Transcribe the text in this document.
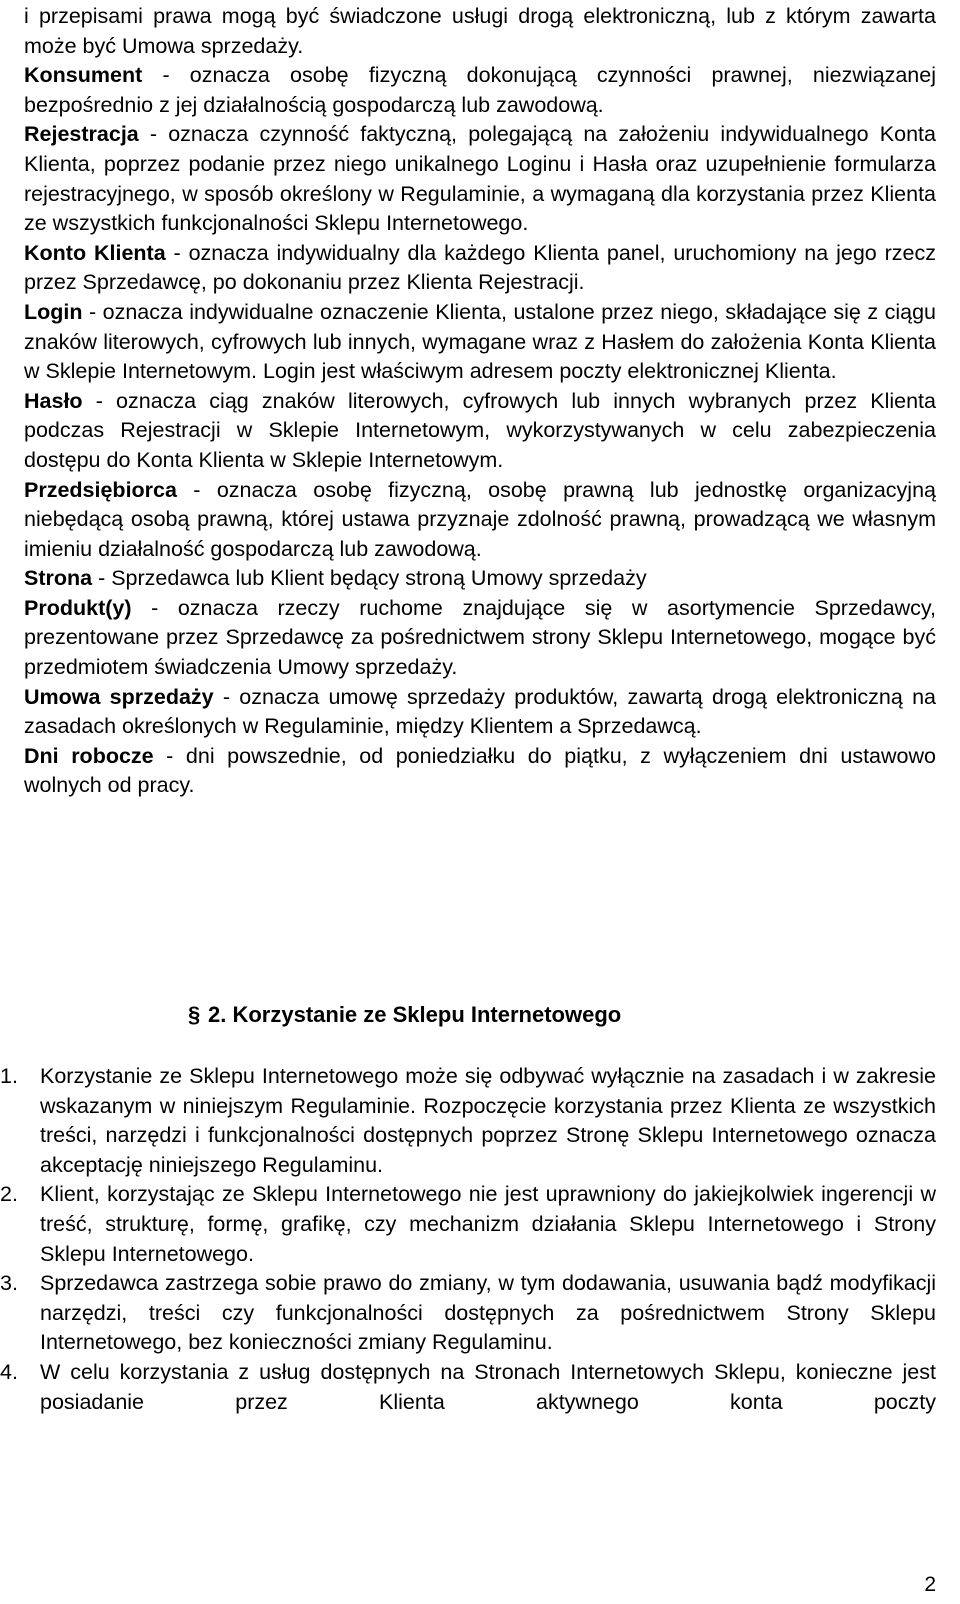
i przepisami prawa mogą być świadczone usługi drogą elektroniczną, lub z którym zawarta może być Umowa sprzedaży.

Konsument - oznacza osobę fizyczną dokonującą czynności prawnej, niezwiązanej bezpośrednio z jej działalnością gospodarczą lub zawodową.

Rejestracja - oznacza czynność faktyczną, polegającą na założeniu indywidualnego Konta Klienta, poprzez podanie przez niego unikalnego Loginu i Hasła oraz uzupełnienie formularza rejestracyjnego, w sposób określony w Regulaminie, a wymaganą dla korzystania przez Klienta ze wszystkich funkcjonalności Sklepu Internetowego.

Konto Klienta - oznacza indywidualny dla każdego Klienta panel, uruchomiony na jego rzecz przez Sprzedawcę, po dokonaniu przez Klienta Rejestracji.

Login - oznacza indywidualne oznaczenie Klienta, ustalone przez niego, składające się z ciągu znaków literowych, cyfrowych lub innych, wymagane wraz z Hasłem do założenia Konta Klienta w Sklepie Internetowym. Login jest właściwym adresem poczty elektronicznej Klienta.

Hasło - oznacza ciąg znaków literowych, cyfrowych lub innych wybranych przez Klienta podczas Rejestracji w Sklepie Internetowym, wykorzystywanych w celu zabezpieczenia dostępu do Konta Klienta w Sklepie Internetowym.

Przedsiębiorca - oznacza osobę fizyczną, osobę prawną lub jednostkę organizacyjną niebędącą osobą prawną, której ustawa przyznaje zdolność prawną, prowadzącą we własnym imieniu działalność gospodarczą lub zawodową.

Strona - Sprzedawca lub Klient będący stroną Umowy sprzedaży

Produkt(y) - oznacza rzeczy ruchome znajdujące się w asortymencie Sprzedawcy, prezentowane przez Sprzedawcę za pośrednictwem strony Sklepu Internetowego, mogące być przedmiotem świadczenia Umowy sprzedaży.

Umowa sprzedaży - oznacza umowę sprzedaży produktów, zawartą drogą elektroniczną na zasadach określonych w Regulaminie, między Klientem a Sprzedawcą.

Dni robocze - dni powszednie, od poniedziałku do piątku, z wyłączeniem dni ustawowo wolnych od pracy.

§ 2. Korzystanie ze Sklepu Internetowego
1.	Korzystanie ze Sklepu Internetowego może się odbywać wyłącznie na zasadach i w zakresie wskazanym w niniejszym Regulaminie. Rozpoczęcie korzystania przez Klienta ze wszystkich treści, narzędzi i funkcjonalności dostępnych poprzez Stronę Sklepu Internetowego oznacza akceptację niniejszego Regulaminu.

2.	Klient, korzystając ze Sklepu Internetowego nie jest uprawniony do jakiejkolwiek ingerencji w treść, strukturę, formę, grafikę, czy mechanizm działania Sklepu Internetowego i Strony Sklepu Internetowego.

3.	Sprzedawca zastrzega sobie prawo do zmiany, w tym dodawania, usuwania bądź modyfikacji narzędzi, treści czy funkcjonalności dostępnych za pośrednictwem Strony Sklepu Internetowego, bez konieczności zmiany Regulaminu.

4.	W celu korzystania z usług dostępnych na Stronach Internetowych Sklepu, konieczne jest posiadanie przez Klienta aktywnego konta poczty

2
